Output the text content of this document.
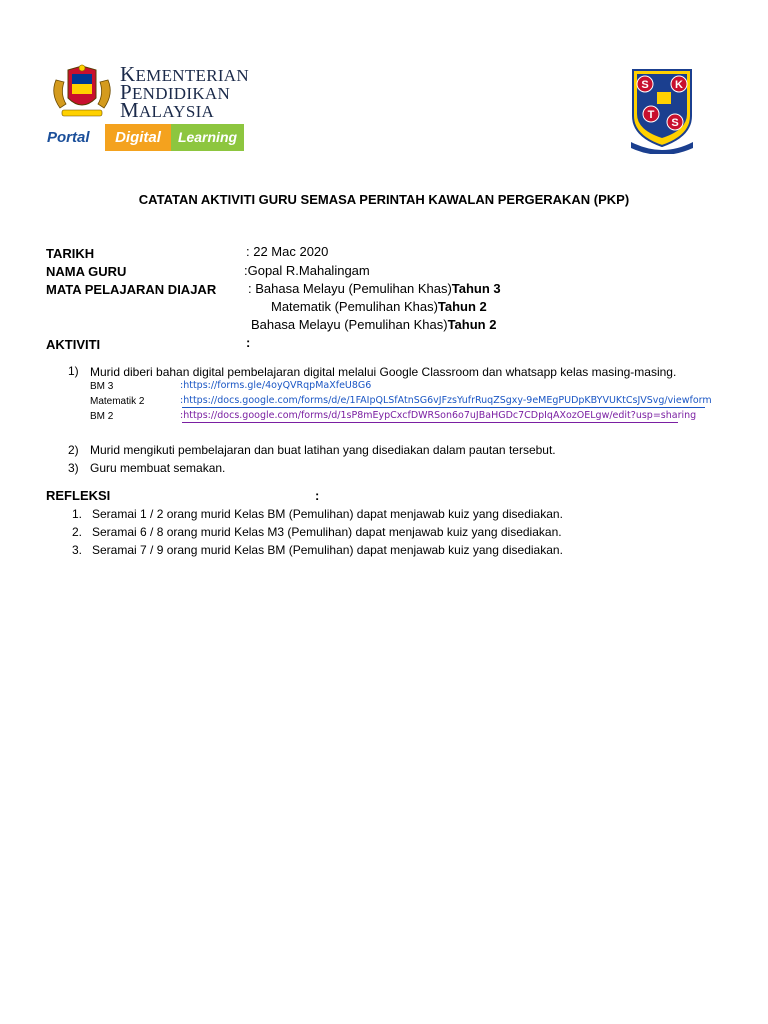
KEMENTERIAN
PENDIDIKAN
MALAYSIA
Portal	Digital	Learning
S K
T
S
CATATAN AKTIVITI GURU SEMASA PERINTAH KAWALAN PERGERAKAN (PKP)
TARIKH	: 22 Mac 2020
NAMA GURU	:Gopal R.Mahalingam
MATA PELAJARAN DIAJAR : Bahasa Melayu (Pemulihan Khas)Tahun 3
Matematik (Pemulihan Khas)Tahun 2
Bahasa Melayu (Pemulihan Khas)Tahun 2
AKTIVITI	:
1) Murid diberi bahan digital pembelajaran digital melalui Google Classroom dan whatsapp kelas masing-masing.
BM 3	:https://forms.gle/4oyQVRqpMaXfeU8G6
Matematik 2	:https://docs.google.com/forms/d/e/1FAIpQLSfAtnSG6vJFzsYufrRuqZSgxy-9eMEgPUDpKBYVUKtCsJVSvg/viewform
BM 2	:https://docs.google.com/forms/d/1sP8mEypCxcfDWRSon6o7uJBaHGDc7CDpIqAXozOELgw/edit?usp=sharing
2) Murid mengikuti pembelajaran dan buat latihan yang disediakan dalam pautan tersebut.
3) Guru membuat semakan.
REFLEKSI	:
1. Seramai 1 / 2 orang murid Kelas BM (Pemulihan) dapat menjawab kuiz yang disediakan.
2. Seramai 6 / 8 orang murid Kelas M3 (Pemulihan) dapat menjawab kuiz yang disediakan.
3. Seramai 7 / 9 orang murid Kelas BM (Pemulihan) dapat menjawab kuiz yang disediakan.
